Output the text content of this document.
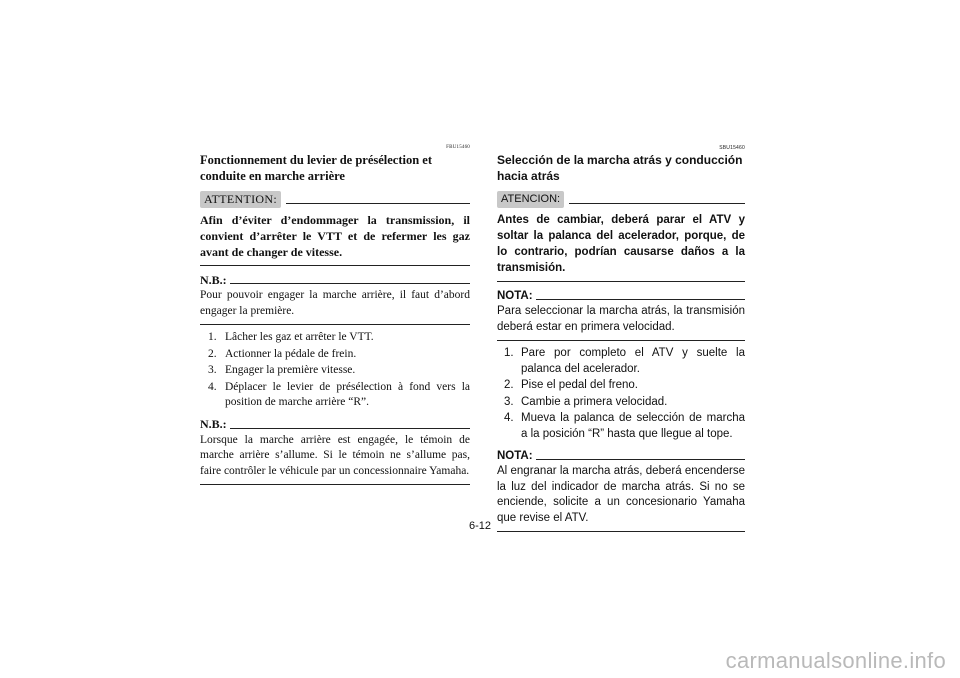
FBU15460
Fonctionnement du levier de présélection et conduite en marche arrière
ATTENTION:

Afin d’éviter d’endommager la transmission, il convient d’arrêter le VTT et de refermer les gaz avant de changer de vitesse.

N.B.:

Pour pouvoir engager la marche arrière, il faut d’abord engager la première.

1. Lâcher les gaz et arrêter le VTT.
2. Actionner la pédale de frein.
3. Engager la première vitesse.
4. Déplacer le levier de présélection à fond vers la position de marche arrière “R”.
N.B.:

Lorsque la marche arrière est engagée, le témoin de marche arrière s’allume. Si le témoin ne s’allume pas, faire contrôler le véhicule par un concessionnaire Yamaha.

SBU15460
Selección de la marcha atrás y conducción hacia atrás
ATENCION:

Antes de cambiar, deberá parar el ATV y soltar la palanca del acelerador, porque, de lo contrario, podrían causarse daños a la transmisión.

NOTA:

Para seleccionar la marcha atrás, la transmisión deberá estar en primera velocidad.

1. Pare por completo el ATV y suelte la palanca del acelerador.
2. Pise el pedal del freno.
3. Cambie a primera velocidad.
4. Mueva la palanca de selección de marcha a la posición “R” hasta que llegue al tope.
NOTA:

Al engranar la marcha atrás, deberá encenderse la luz del indicador de marcha atrás. Si no se enciende, solicite a un concesionario Yamaha que revise el ATV.

6-12
carmanualsonline.info
